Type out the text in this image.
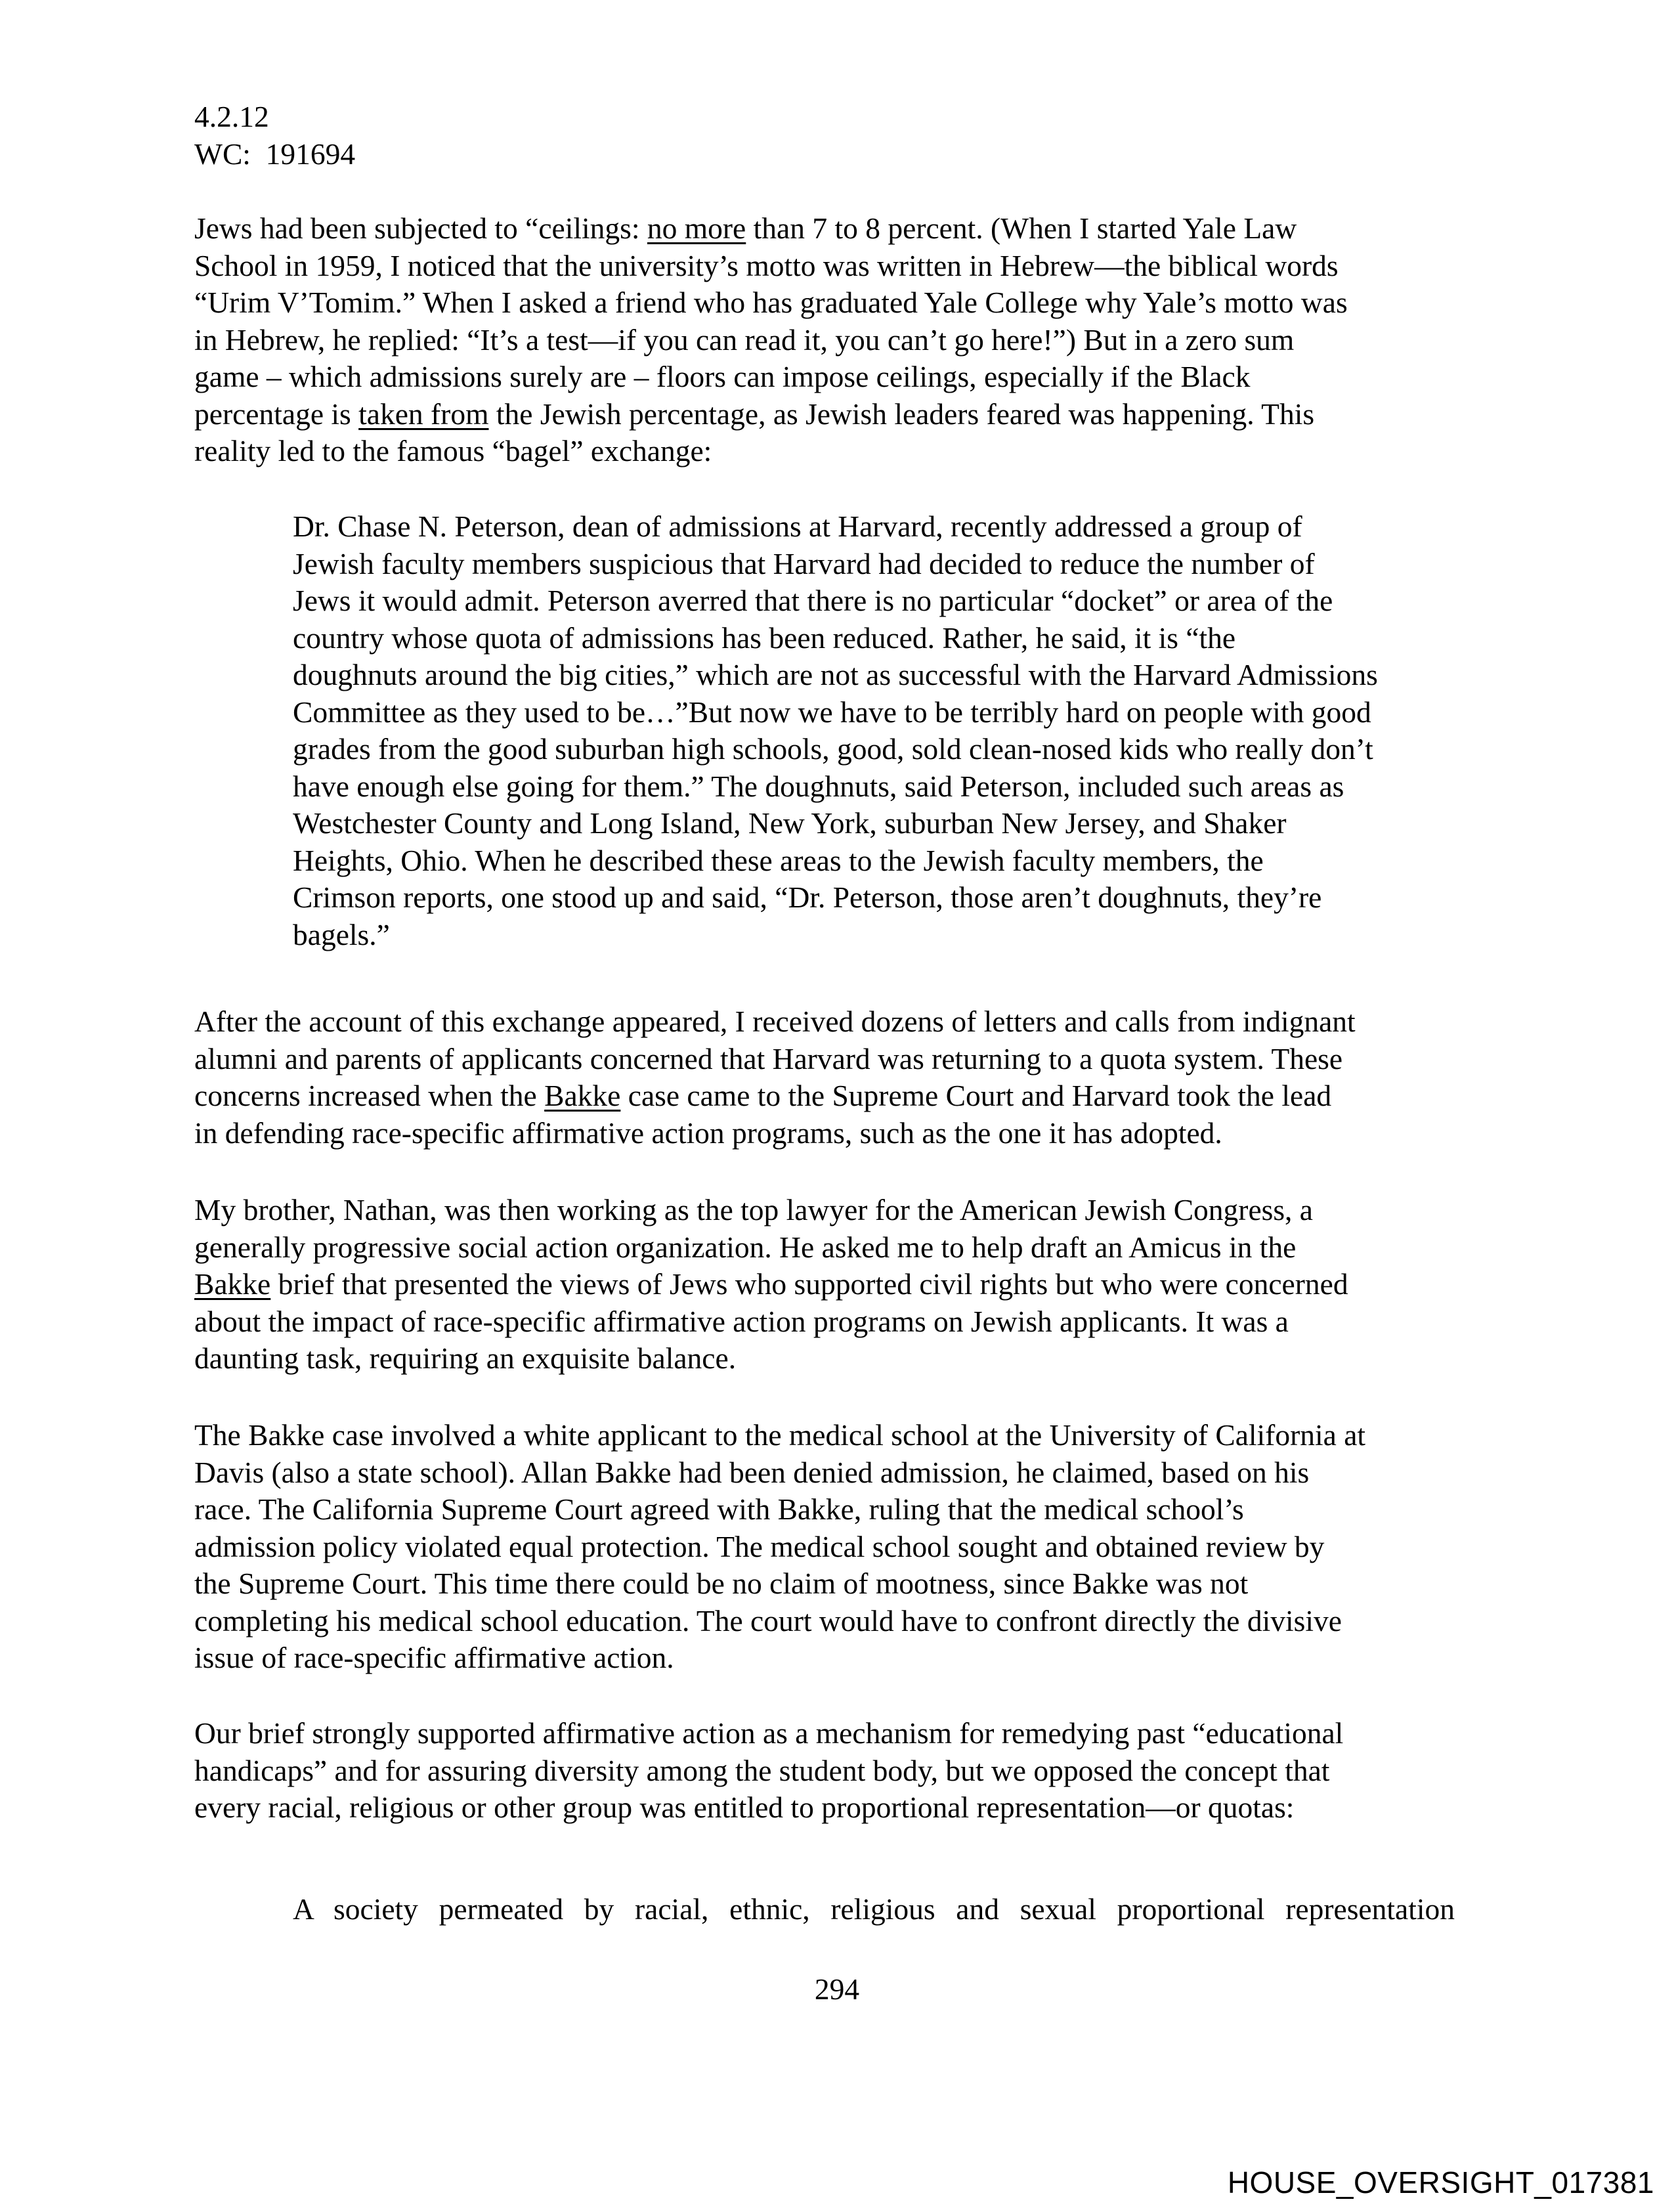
4.2.12
WC:  191694
Jews had been subjected to “ceilings: no more than 7 to 8 percent. (When I started Yale Law
School in 1959, I noticed that the university’s motto was written in Hebrew—the biblical words
“Urim V’Tomim.” When I asked a friend who has graduated Yale College why Yale’s motto was
in Hebrew, he replied: “It’s a test—if you can read it, you can’t go here!”) But in a zero sum
game – which admissions surely are – floors can impose ceilings, especially if the Black
percentage is taken from the Jewish percentage, as Jewish leaders feared was happening. This
reality led to the famous “bagel” exchange:
Dr. Chase N. Peterson, dean of admissions at Harvard, recently addressed a group of
Jewish faculty members suspicious that Harvard had decided to reduce the number of
Jews it would admit. Peterson averred that there is no particular “docket” or area of the
country whose quota of admissions has been reduced. Rather, he said, it is “the
doughnuts around the big cities,” which are not as successful with the Harvard Admissions
Committee as they used to be…”But now we have to be terribly hard on people with good
grades from the good suburban high schools, good, sold clean-nosed kids who really don’t
have enough else going for them.” The doughnuts, said Peterson, included such areas as
Westchester County and Long Island, New York, suburban New Jersey, and Shaker
Heights, Ohio. When he described these areas to the Jewish faculty members, the
Crimson reports, one stood up and said, “Dr. Peterson, those aren’t doughnuts, they’re
bagels.”
After the account of this exchange appeared, I received dozens of letters and calls from indignant
alumni and parents of applicants concerned that Harvard was returning to a quota system. These
concerns increased when the Bakke case came to the Supreme Court and Harvard took the lead
in defending race-specific affirmative action programs, such as the one it has adopted.
My brother, Nathan, was then working as the top lawyer for the American Jewish Congress, a
generally progressive social action organization. He asked me to help draft an Amicus in the
Bakke brief that presented the views of Jews who supported civil rights but who were concerned
about the impact of race-specific affirmative action programs on Jewish applicants. It was a
daunting task, requiring an exquisite balance.
The Bakke case involved a white applicant to the medical school at the University of California at
Davis (also a state school). Allan Bakke had been denied admission, he claimed, based on his
race. The California Supreme Court agreed with Bakke, ruling that the medical school’s
admission policy violated equal protection. The medical school sought and obtained review by
the Supreme Court. This time there could be no claim of mootness, since Bakke was not
completing his medical school education. The court would have to confront directly the divisive
issue of race-specific affirmative action.
Our brief strongly supported affirmative action as a mechanism for remedying past “educational
handicaps” and for assuring diversity among the student body, but we opposed the concept that
every racial, religious or other group was entitled to proportional representation—or quotas:
A society permeated by racial, ethnic, religious and sexual proportional representation
294
HOUSE_OVERSIGHT_017381
